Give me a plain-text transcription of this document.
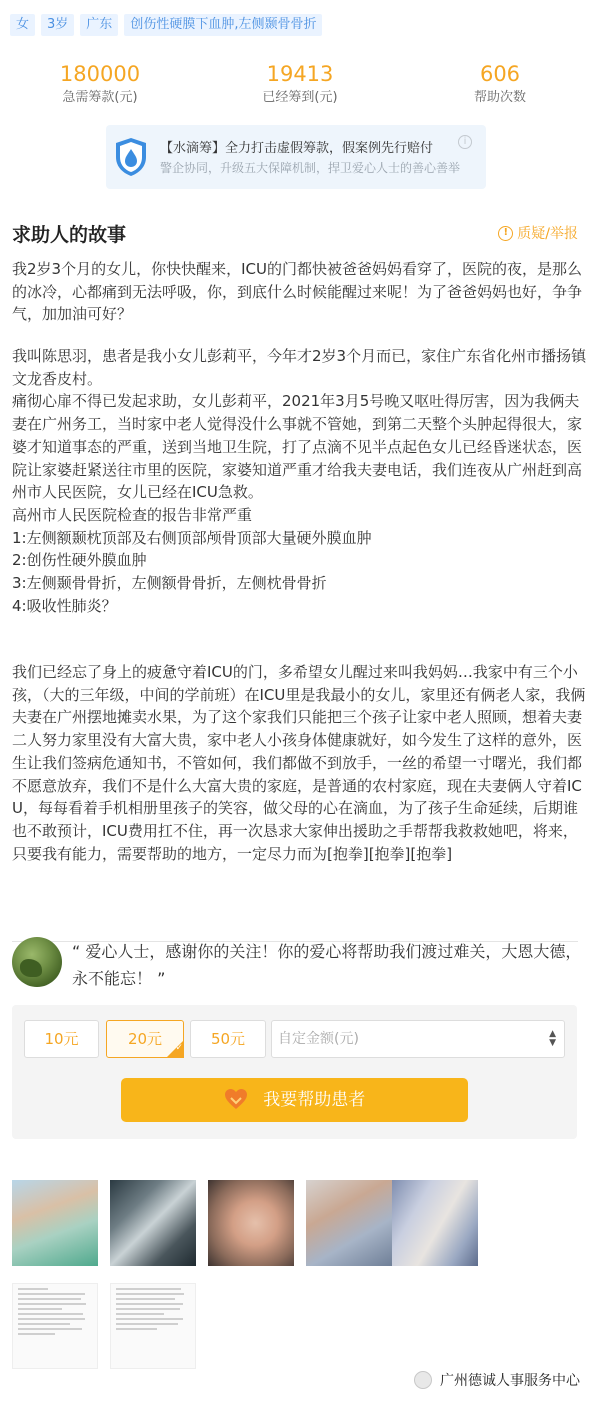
女	3岁	广东	创伤性硬膜下血肿,左侧颞骨骨折
180000
急需筹款(元)
19413
已经筹到(元)
606
帮助次数
【水滴筹】全力打击虚假筹款，假案例先行赔付
警企协同，升级五大保障机制，捍卫爱心人士的善心善举
i
求助人的故事	! 质疑/举报
我2岁3个月的女儿，你快快醒来，ICU的门都快被爸爸妈妈看穿了，医院的夜，是那么的冰冷，心都痛到无法呼吸，你，到底什么时候能醒过来呢！为了爸爸妈妈也好，争争气，加加油可好？
我叫陈思羽，患者是我小女儿彭莉平，今年才2岁3个月而已，家住广东省化州市播扬镇文龙香皮村。
痛彻心扉不得已发起求助，女儿彭莉平，2021年3月5号晚又呕吐得厉害，因为我俩夫妻在广州务工，当时家中老人觉得没什么事就不管她，到第二天整个头肿起得很大，家婆才知道事态的严重，送到当地卫生院，打了点滴不见半点起色女儿已经昏迷状态，医院让家婆赶紧送往市里的医院，家婆知道严重才给我夫妻电话，我们连夜从广州赶到高州市人民医院，女儿已经在ICU急救。
高州市人民医院检查的报告非常严重
1:左侧额颞枕顶部及右侧顶部颅骨顶部大量硬外膜血肿
2:创伤性硬外膜血肿
3:左侧颞骨骨折，左侧额骨骨折，左侧枕骨骨折
4:吸收性肺炎？
我们已经忘了身上的疲惫守着ICU的门，多希望女儿醒过来叫我妈妈…我家中有三个小孩，（大的三年级，中间的学前班）在ICU里是我最小的女儿，家里还有俩老人家，我俩夫妻在广州摆地摊卖水果，为了这个家我们只能把三个孩子让家中老人照顾，想着夫妻二人努力家里没有大富大贵，家中老人小孩身体健康就好，如今发生了这样的意外，医生让我们签病危通知书，不管如何，我们都做不到放手，一丝的希望一寸曙光，我们都不愿意放弃，我们不是什么大富大贵的家庭，是普通的农村家庭，现在夫妻俩人守着ICU，每每看着手机相册里孩子的笑容，做父母的心在滴血，为了孩子生命延续，后期谁也不敢预计，ICU费用扛不住，再一次恳求大家伸出援助之手帮帮我救救她吧，将来，只要我有能力，需要帮助的地方，一定尽力而为[抱拳][抱拳][抱拳]
“ 爱心人士，感谢你的关注！你的爱心将帮助我们渡过难关，大恩大德，永不能忘！ ”
10元	20元
✓	50元	自定金额(元)	▲
▼
我要帮助患者
广州德诚人事服务中心
